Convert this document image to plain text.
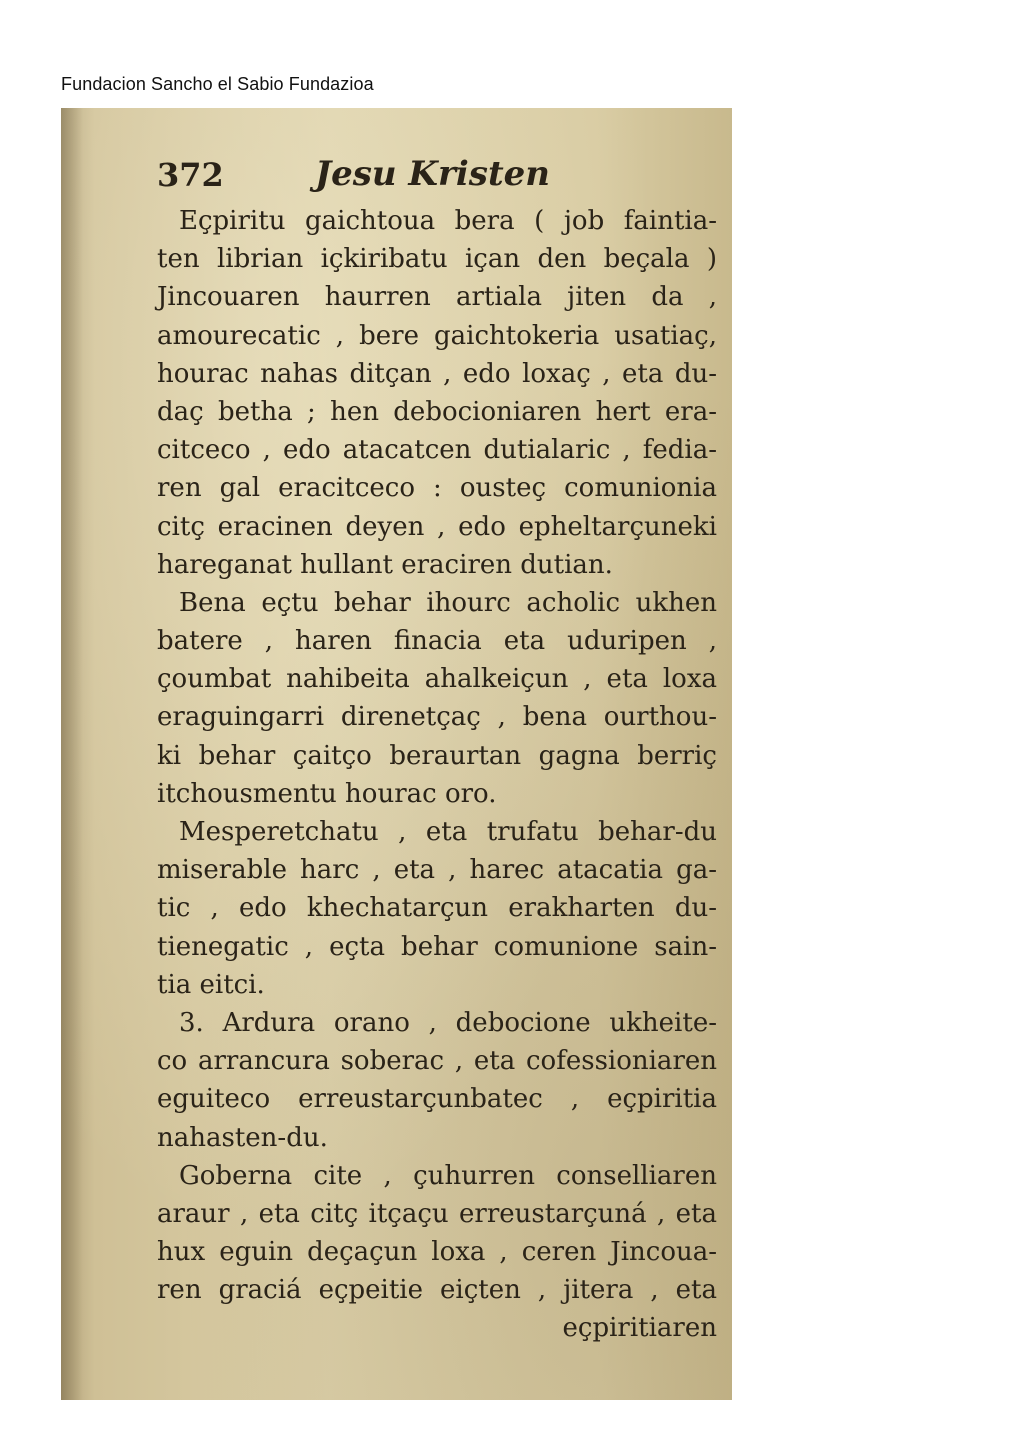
Fundacion Sancho el Sabio Fundazioa
372	Jesu Kristen
Eçpiritu gaichtoua bera ( job faintia-
ten librian içkiribatu içan den beçala )
Jincouaren haurren artiala jiten da ,
amourecatic , bere gaichtokeria usatiaç,
hourac nahas ditçan , edo loxaç , eta du-
daç betha ; hen debocioniaren hert era-
citceco , edo atacatcen dutialaric , fedia-
ren gal eracitceco : ousteç comunionia
citç eracinen deyen , edo epheltarçuneki
hareganat hullant eraciren dutian.
Bena eçtu behar ihourc acholic ukhen
batere , haren finacia eta uduripen ,
çoumbat nahibeita ahalkeiçun , eta loxa
eraguingarri direnetçaç , bena ourthou-
ki behar çaitço beraurtan gagna berriç
itchousmentu hourac oro.
Mesperetchatu , eta trufatu behar-du
miserable harc , eta , harec atacatia ga-
tic , edo khechatarçun erakharten du-
tienegatic , eçta behar comunione sain-
tia eitci.
3. Ardura orano , debocione ukheite-
co arrancura soberac , eta cofessioniaren
eguiteco erreustarçunbatec , eçpiritia
nahasten-du.
Goberna cite , çuhurren consellіaren
araur , eta citç itçaçu erreustarçuná , eta
hux eguin deçaçun loxa , ceren Jincoua-
ren graciá eçpeitie eiçten , jitera , eta
eçpiritiaren
